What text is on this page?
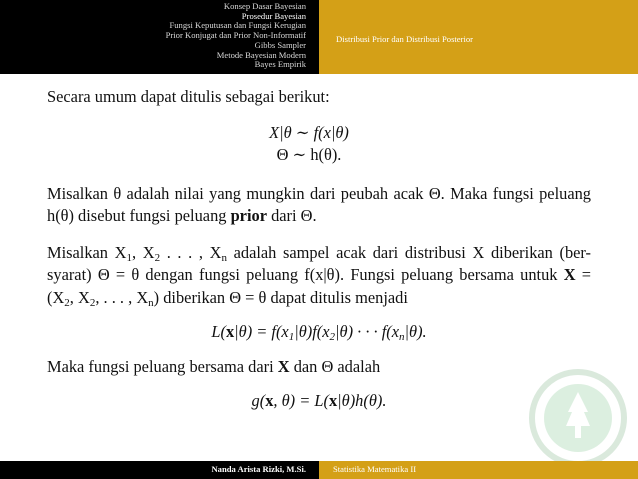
Konsep Dasar Bayesian
Prosedur Bayesian
Fungsi Keputusan dan Fungsi Kerugian
Prior Konjugat dan Prior Non-Informatif
Gibbs Sampler
Metode Bayesian Modern
Bayes Empirik
Distribusi Prior dan Distribusi Posterior

Secara umum dapat ditulis sebagai berikut:

X|θ ∼ f(x|θ)
Θ ∼ h(θ).

Misalkan θ adalah nilai yang mungkin dari peubah acak Θ. Maka fungsi peluang h(θ) disebut fungsi peluang prior dari Θ.

Misalkan $X_1$, $X_2$ . . . , $X_n$ adalah sampel acak dari distribusi X diberikan (ber-syarat) Θ = θ dengan fungsi peluang f(x|θ). Fungsi peluang bersama untuk $X = (X_2$, $X_2$, . . . , $X_n$) diberikan Θ = θ dapat ditulis menjadi

$L(x|\theta) = f(x_1|\theta)f(x_2|\theta)$ · · · $f(x_n|\theta)$.

Maka fungsi peluang bersama dari X dan Θ adalah

g(x, θ) = L(x|θ)h(θ).
Nanda Arista Rizki, M.Si.	Statistika Matematika II
